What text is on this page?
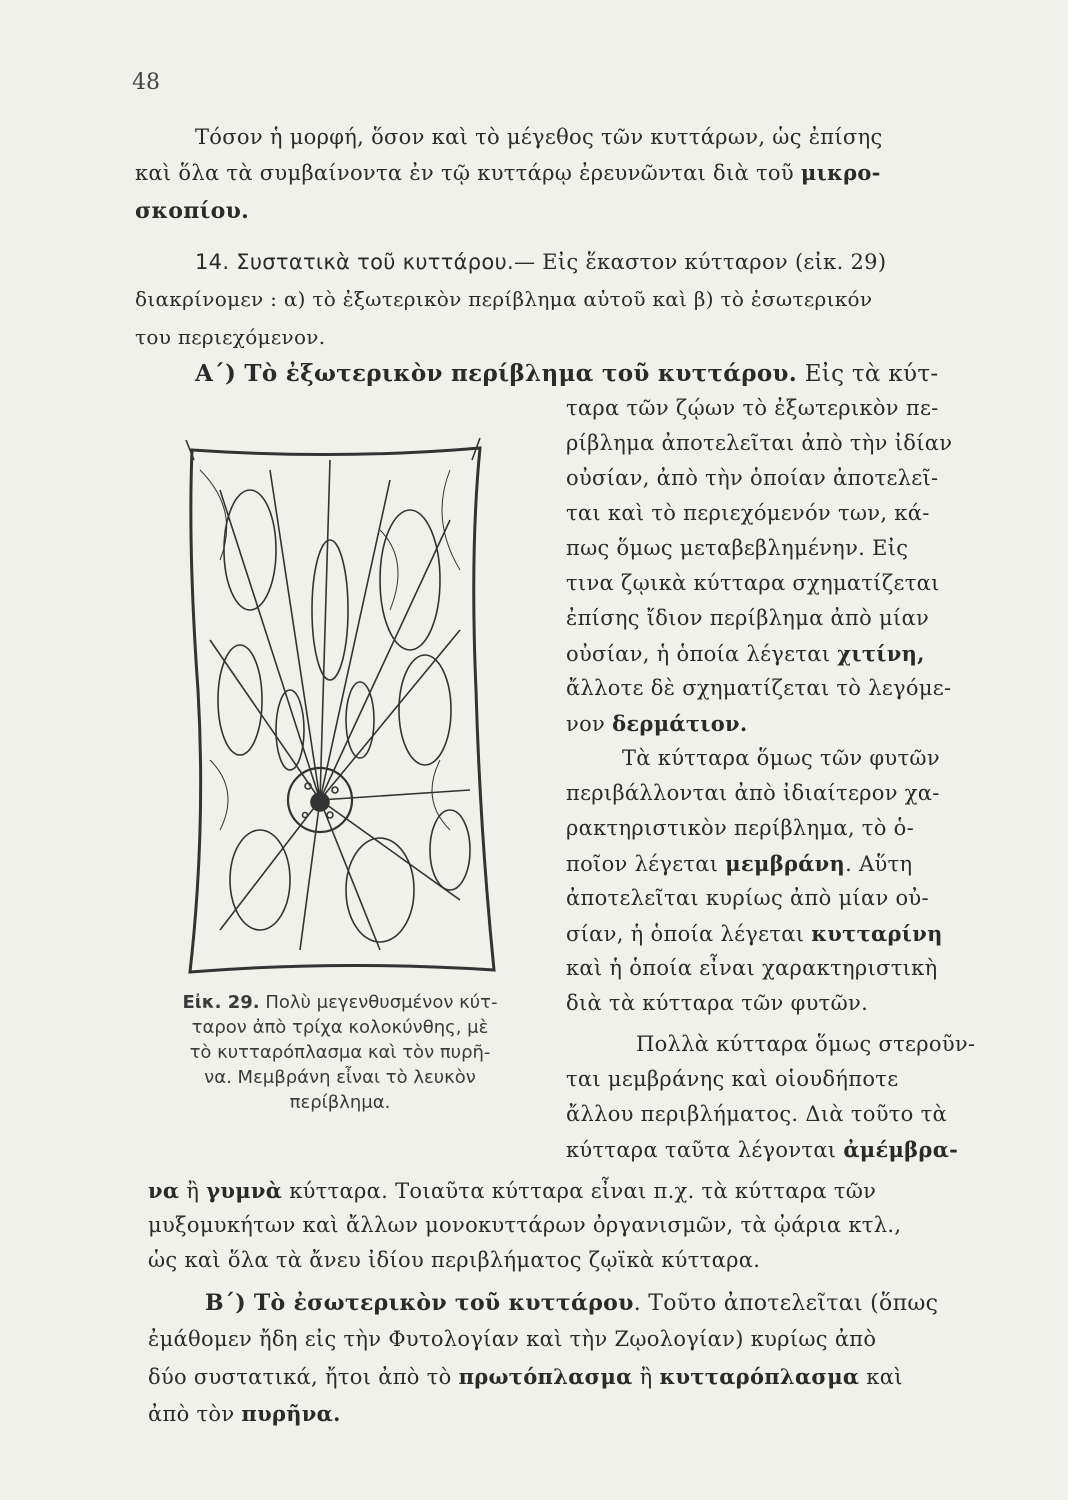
48
Τόσον ἡ μορφή, ὅσον καὶ τὸ μέγεθος τῶν κυττάρων, ὡς ἐπίσης
καὶ ὅλα τὰ συμβαίνοντα ἐν τῷ κυττάρῳ ἐρευνῶνται διὰ τοῦ μικρο-
σκοπίου.
14. Συστατικὰ τοῦ κυττάρου.— Εἰς ἕκαστον κύτταρον (εἰκ. 29)
διακρίνομεν : α) τὸ ἐξωτερικὸν περίβλημα αὐτοῦ καὶ β) τὸ ἐσωτερικόν
του περιεχόμενον.
Α΄) Τὸ ἐξωτερικὸν περίβλημα τοῦ κυττάρου. Εἰς τὰ κύτ-
ταρα τῶν ζῴων τὸ ἐξωτερικὸν πε-
ρίβλημα ἀποτελεῖται ἀπὸ τὴν ἰδίαν
οὐσίαν, ἀπὸ τὴν ὁποίαν ἀποτελεῖ-
ται καὶ τὸ περιεχόμενόν των, κά-
πως ὅμως μεταβεβλημένην. Εἰς
τινα ζῳικὰ κύτταρα σχηματίζεται
ἐπίσης ἴδιον περίβλημα ἀπὸ μίαν
οὐσίαν, ἡ ὁποία λέγεται χιτίνη,
ἄλλοτε δὲ σχηματίζεται τὸ λεγόμε-
νον δερμάτιον.
Τὰ κύτταρα ὅμως τῶν φυτῶν
περιβάλλονται ἀπὸ ἰδιαίτερον χα-
ρακτηριστικὸν περίβλημα, τὸ ὁ-
ποῖον λέγεται μεμβράνη. Αὕτη
ἀποτελεῖται κυρίως ἀπὸ μίαν οὐ-
σίαν, ἡ ὁποία λέγεται κυτταρίνη
καὶ ἡ ὁποία εἶναι χαρακτηριστικὴ
διὰ τὰ κύτταρα τῶν φυτῶν.
Πολλὰ κύτταρα ὅμως στεροῦν-
ται μεμβράνης καὶ οἱουδήποτε
ἄλλου περιβλήματος. Διὰ τοῦτο τὰ
κύτταρα ταῦτα λέγονται ἀμέμβρα-
Εἰκ. 29. Πολὺ μεγενθυσμένον κύτ-
ταρον ἀπὸ τρίχα κολοκύνθης, μὲ
τὸ κυτταρόπλασμα καὶ τὸν πυρῆ-
να. Μεμβράνη εἶναι τὸ λευκὸν
περίβλημα.
να ἢ γυμνὰ κύτταρα. Τοιαῦτα κύτταρα εἶναι π.χ. τὰ κύτταρα τῶν
μυξομυκήτων καὶ ἄλλων μονοκυττάρων ὀργανισμῶν, τὰ ᾠάρια κτλ.,
ὡς καὶ ὅλα τὰ ἄνευ ἰδίου περιβλήματος ζῳϊκὰ κύτταρα.
Β΄) Τὸ ἐσωτερικὸν τοῦ κυττάρου. Τοῦτο ἀποτελεῖται (ὅπως
ἐμάθομεν ἤδη εἰς τὴν Φυτολογίαν καὶ τὴν Ζῳολογίαν) κυρίως ἀπὸ
δύο συστατικά, ἤτοι ἀπὸ τὸ πρωτόπλασμα ἢ κυτταρόπλασμα καὶ
ἀπὸ τὸν πυρῆνα.
